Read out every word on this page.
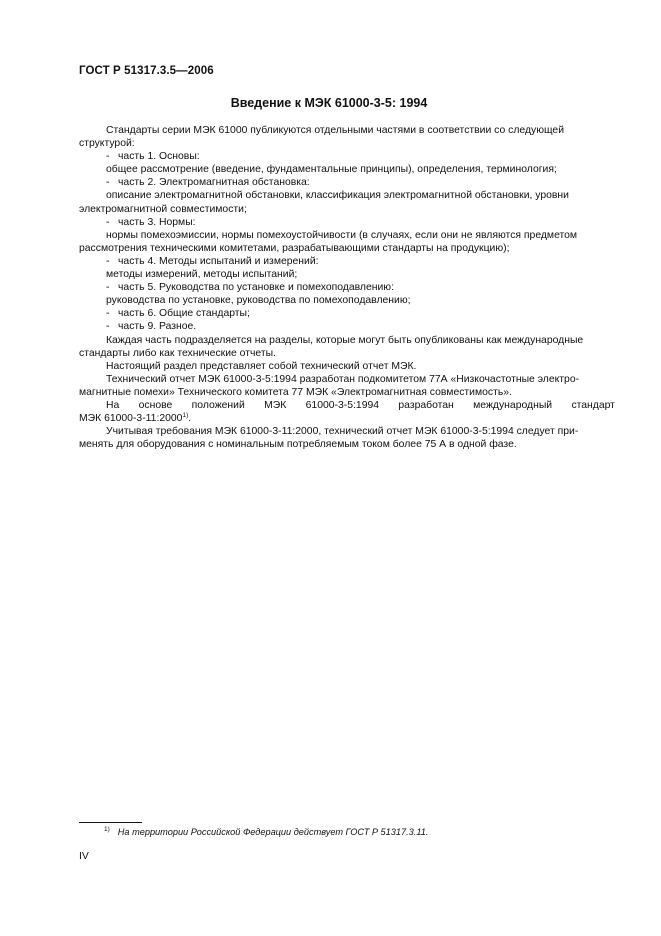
ГОСТ Р 51317.3.5—2006
Введение к МЭК 61000-3-5: 1994
Стандарты серии МЭК 61000 публикуются отдельными частями в соответствии со следующей
структурой:
- часть 1. Основы:
общее рассмотрение (введение, фундаментальные принципы), определения, терминология;
- часть 2. Электромагнитная обстановка:
описание электромагнитной обстановки, классификация электромагнитной обстановки, уровни
электромагнитной совместимости;
- часть 3. Нормы:
нормы помехоэмиссии, нормы помехоустойчивости (в случаях, если они не являются предметом
рассмотрения техническими комитетами, разрабатывающими стандарты на продукцию);
- часть 4. Методы испытаний и измерений:
методы измерений, методы испытаний;
- часть 5. Руководства по установке и помехоподавлению:
руководства по установке, руководства по помехоподавлению;
- часть 6. Общие стандарты;
- часть 9. Разное.
Каждая часть подразделяется на разделы, которые могут быть опубликованы как международные
стандарты либо как технические отчеты.
Настоящий раздел представляет собой технический отчет МЭК.
Технический отчет МЭК 61000-3-5:1994 разработан подкомитетом 77А «Низкочастотные электро-
магнитные помехи» Технического комитета 77 МЭК «Электромагнитная совместимость».
На основе положений МЭК 61000-3-5:1994 разработан международный стандарт
МЭК 61000-3-11:2000$^{1)}$.
Учитывая требования МЭК 61000-3-11:2000, технический отчет МЭК 61000-3-5:1994 следует при-
менять для оборудования с номинальным потребляемым током более 75 А в одной фазе.
$^{1)}$ На территории Российской Федерации действует ГОСТ Р 51317.3.11.
IV
